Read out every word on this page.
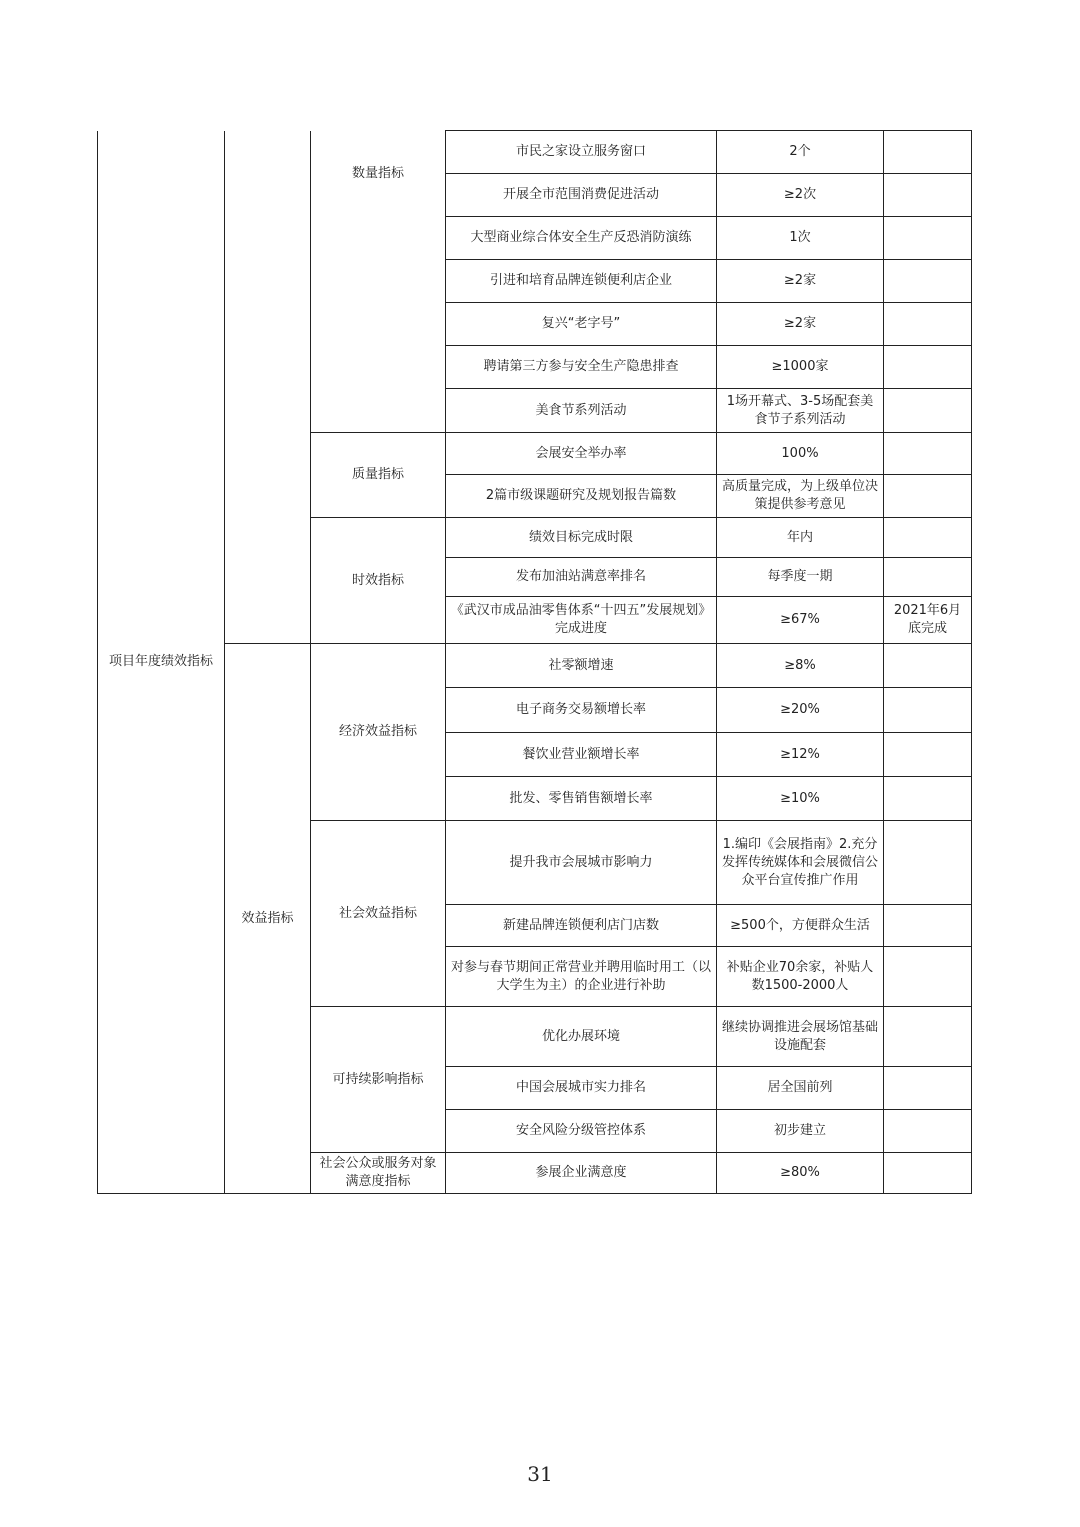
项目年度绩效指标		数量指标	市民之家设立服务窗口	2个	
			开展全市范围消费促进活动	≥2次	
			大型商业综合体安全生产反恐消防演练	1次	
			引进和培育品牌连锁便利店企业	≥2家	
			复兴“老字号”	≥2家	
			聘请第三方参与安全生产隐患排查	≥1000家	
			美食节系列活动	1场开幕式、3-5场配套美食节子系列活动	
		质量指标	会展安全举办率	100%	
			2篇市级课题研究及规划报告篇数	高质量完成，为上级单位决策提供参考意见	
		时效指标	绩效目标完成时限	年内	
			发布加油站满意率排名	每季度一期	
			《武汉市成品油零售体系“十四五”发展规划》完成进度	≥67%	2021年6月底完成
	效益指标	经济效益指标	社零额增速	≥8%	
			电子商务交易额增长率	≥20%	
			餐饮业营业额增长率	≥12%	
			批发、零售销售额增长率	≥10%	
		社会效益指标	提升我市会展城市影响力	1.编印《会展指南》2.充分发挥传统媒体和会展微信公众平台宣传推广作用	
			新建品牌连锁便利店门店数	≥500个，方便群众生活	
			对参与春节期间正常营业并聘用临时用工（以大学生为主）的企业进行补助	补贴企业70余家，补贴人数1500-2000人	
		可持续影响指标	优化办展环境	继续协调推进会展场馆基础设施配套	
			中国会展城市实力排名	居全国前列	
			安全风险分级管控体系	初步建立	
		社会公众或服务对象满意度指标	参展企业满意度	≥80%	
31
